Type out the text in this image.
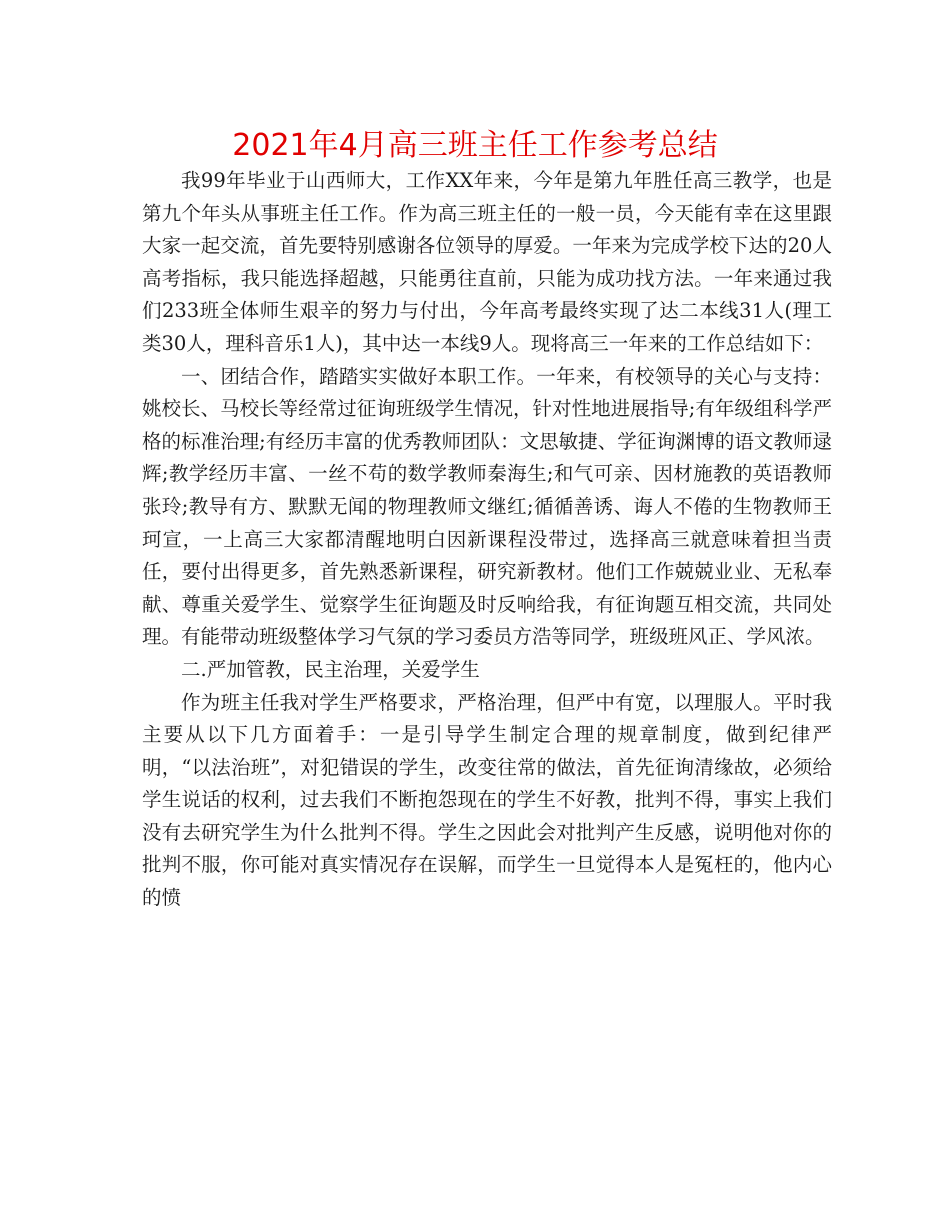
2021年4月高三班主任工作参考总结

我99年毕业于山西师大，工作XX年来，今年是第九年胜任高三教学，也是第九个年头从事班主任工作。作为高三班主任的一般一员，今天能有幸在这里跟大家一起交流，首先要特别感谢各位领导的厚爱。一年来为完成学校下达的20人高考指标，我只能选择超越，只能勇往直前，只能为成功找方法。一年来通过我们233班全体师生艰辛的努力与付出，今年高考最终实现了达二本线31人(理工类30人，理科音乐1人)，其中达一本线9人。现将高三一年来的工作总结如下：

一、团结合作，踏踏实实做好本职工作。一年来，有校领导的关心与支持：姚校长、马校长等经常过征询班级学生情况，针对性地进展指导;有年级组科学严格的标准治理;有经历丰富的优秀教师团队：文思敏捷、学征询渊博的语文教师逯辉;教学经历丰富、一丝不苟的数学教师秦海生;和气可亲、因材施教的英语教师张玲;教导有方、默默无闻的物理教师文继红;循循善诱、诲人不倦的生物教师王珂宣，一上高三大家都清醒地明白因新课程没带过，选择高三就意味着担当责任，要付出得更多，首先熟悉新课程，研究新教材。他们工作兢兢业业、无私奉献、尊重关爱学生、觉察学生征询题及时反响给我，有征询题互相交流，共同处理。有能带动班级整体学习气氛的学习委员方浩等同学，班级班风正、学风浓。

二.严加管教，民主治理，关爱学生

作为班主任我对学生严格要求，严格治理，但严中有宽，以理服人。平时我主要从以下几方面着手：一是引导学生制定合理的规章制度，做到纪律严明，“以法治班”，对犯错误的学生，改变往常的做法，首先征询清缘故，必须给学生说话的权利，过去我们不断抱怨现在的学生不好教，批判不得，事实上我们没有去研究学生为什么批判不得。学生之因此会对批判产生反感，说明他对你的批判不服，你可能对真实情况存在误解，而学生一旦觉得本人是冤枉的，他内心的愤
